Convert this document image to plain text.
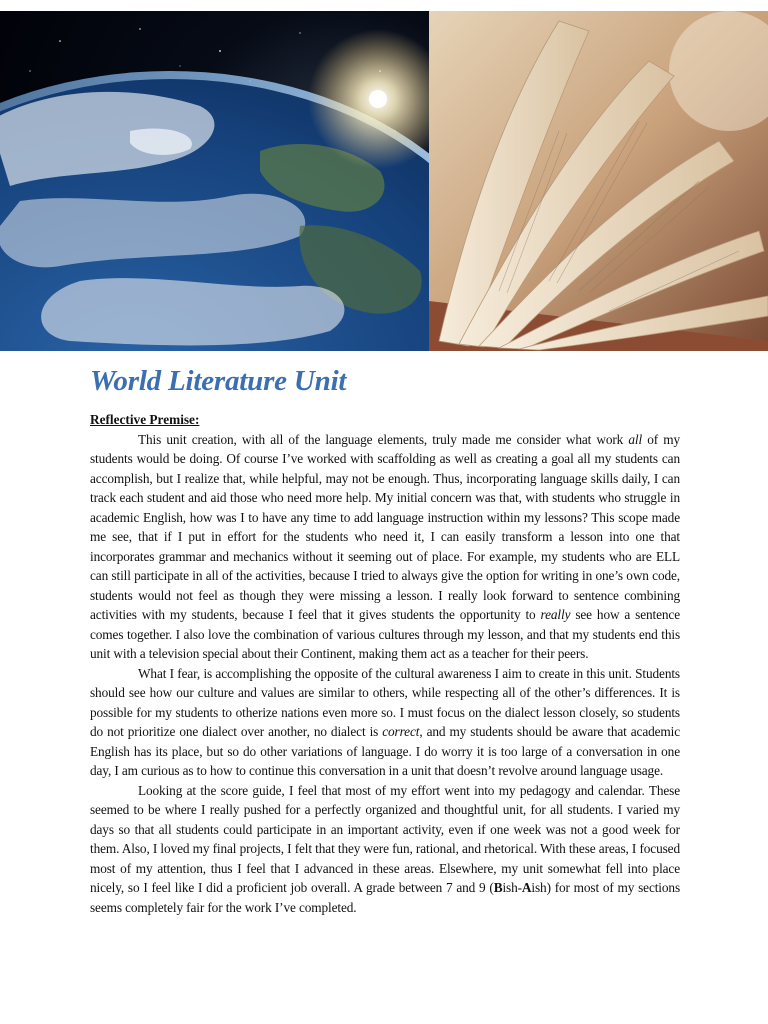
World Literature Unit

Reflective Premise:

This unit creation, with all of the language elements, truly made me consider what work all of my students would be doing. Of course I’ve worked with scaffolding as well as creating a goal all my students can accomplish, but I realize that, while helpful, may not be enough. Thus, incorporating language skills daily, I can track each student and aid those who need more help. My initial concern was that, with students who struggle in academic English, how was I to have any time to add language instruction within my lessons? This scope made me see, that if I put in effort for the students who need it, I can easily transform a lesson into one that incorporates grammar and mechanics without it seeming out of place. For example, my students who are ELL can still participate in all of the activities, because I tried to always give the option for writing in one’s own code, students would not feel as though they were missing a lesson. I really look forward to sentence combining activities with my students, because I feel that it gives students the opportunity to really see how a sentence comes together. I also love the combination of various cultures through my lesson, and that my students end this unit with a television special about their Continent, making them act as a teacher for their peers.

What I fear, is accomplishing the opposite of the cultural awareness I aim to create in this unit. Students should see how our culture and values are similar to others, while respecting all of the other’s differences. It is possible for my students to otherize nations even more so. I must focus on the dialect lesson closely, so students do not prioritize one dialect over another, no dialect is correct, and my students should be aware that academic English has its place, but so do other variations of language. I do worry it is too large of a conversation in one day, I am curious as to how to continue this conversation in a unit that doesn’t revolve around language usage.

Looking at the score guide, I feel that most of my effort went into my pedagogy and calendar. These seemed to be where I really pushed for a perfectly organized and thoughtful unit, for all students. I varied my days so that all students could participate in an important activity, even if one week was not a good week for them. Also, I loved my final projects, I felt that they were fun, rational, and rhetorical. With these areas, I focused most of my attention, thus I feel that I advanced in these areas. Elsewhere, my unit somewhat fell into place nicely, so I feel like I did a proficient job overall. A grade between 7 and 9 (Bish-Aish) for most of my sections seems completely fair for the work I’ve completed.
